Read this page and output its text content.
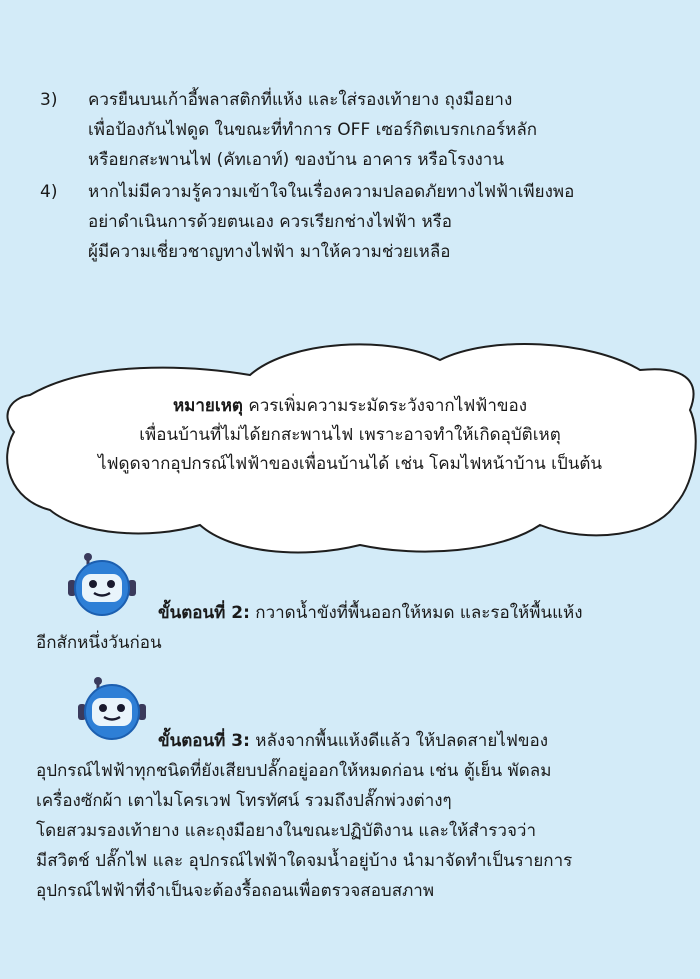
3)	ควรยืนบนเก้าอี้พลาสติกที่แห้ง และใส่รองเท้ายาง ถุงมือยาง
เพื่อป้องกันไฟดูด ในขณะที่ทำการ OFF เซอร์กิตเบรกเกอร์หลัก
หรือยกสะพานไฟ (คัทเอาท์) ของบ้าน อาคาร หรือโรงงาน
4)	หากไม่มีความรู้ความเข้าใจในเรื่องความปลอดภัยทางไฟฟ้าเพียงพอ
อย่าดำเนินการด้วยตนเอง ควรเรียกช่างไฟฟ้า หรือ
ผู้มีความเชี่ยวชาญทางไฟฟ้า มาให้ความช่วยเหลือ
หมายเหตุ ควรเพิ่มความระมัดระวังจากไฟฟ้าของ
เพื่อนบ้านที่ไม่ได้ยกสะพานไฟ เพราะอาจทำให้เกิดอุบัติเหตุ
ไฟดูดจากอุปกรณ์ไฟฟ้าของเพื่อนบ้านได้ เช่น โคมไฟหน้าบ้าน เป็นต้น
ขั้นตอนที่ 2: กวาดน้ำขังที่พื้นออกให้หมด และรอให้พื้นแห้ง
อีกสักหนึ่งวันก่อน
ขั้นตอนที่ 3: หลังจากพื้นแห้งดีแล้ว ให้ปลดสายไฟของ
อุปกรณ์ไฟฟ้าทุกชนิดที่ยังเสียบปลั๊กอยู่ออกให้หมดก่อน เช่น ตู้เย็น พัดลม
เครื่องซักผ้า เตาไมโครเวฟ โทรทัศน์ รวมถึงปลั๊กพ่วงต่างๆ
โดยสวมรองเท้ายาง และถุงมือยางในขณะปฏิบัติงาน และให้สำรวจว่า
มีสวิตช์ ปลั๊กไฟ และ อุปกรณ์ไฟฟ้าใดจมน้ำอยู่บ้าง นำมาจัดทำเป็นรายการ
อุปกรณ์ไฟฟ้าที่จำเป็นจะต้องรื้อถอนเพื่อตรวจสอบสภาพ
